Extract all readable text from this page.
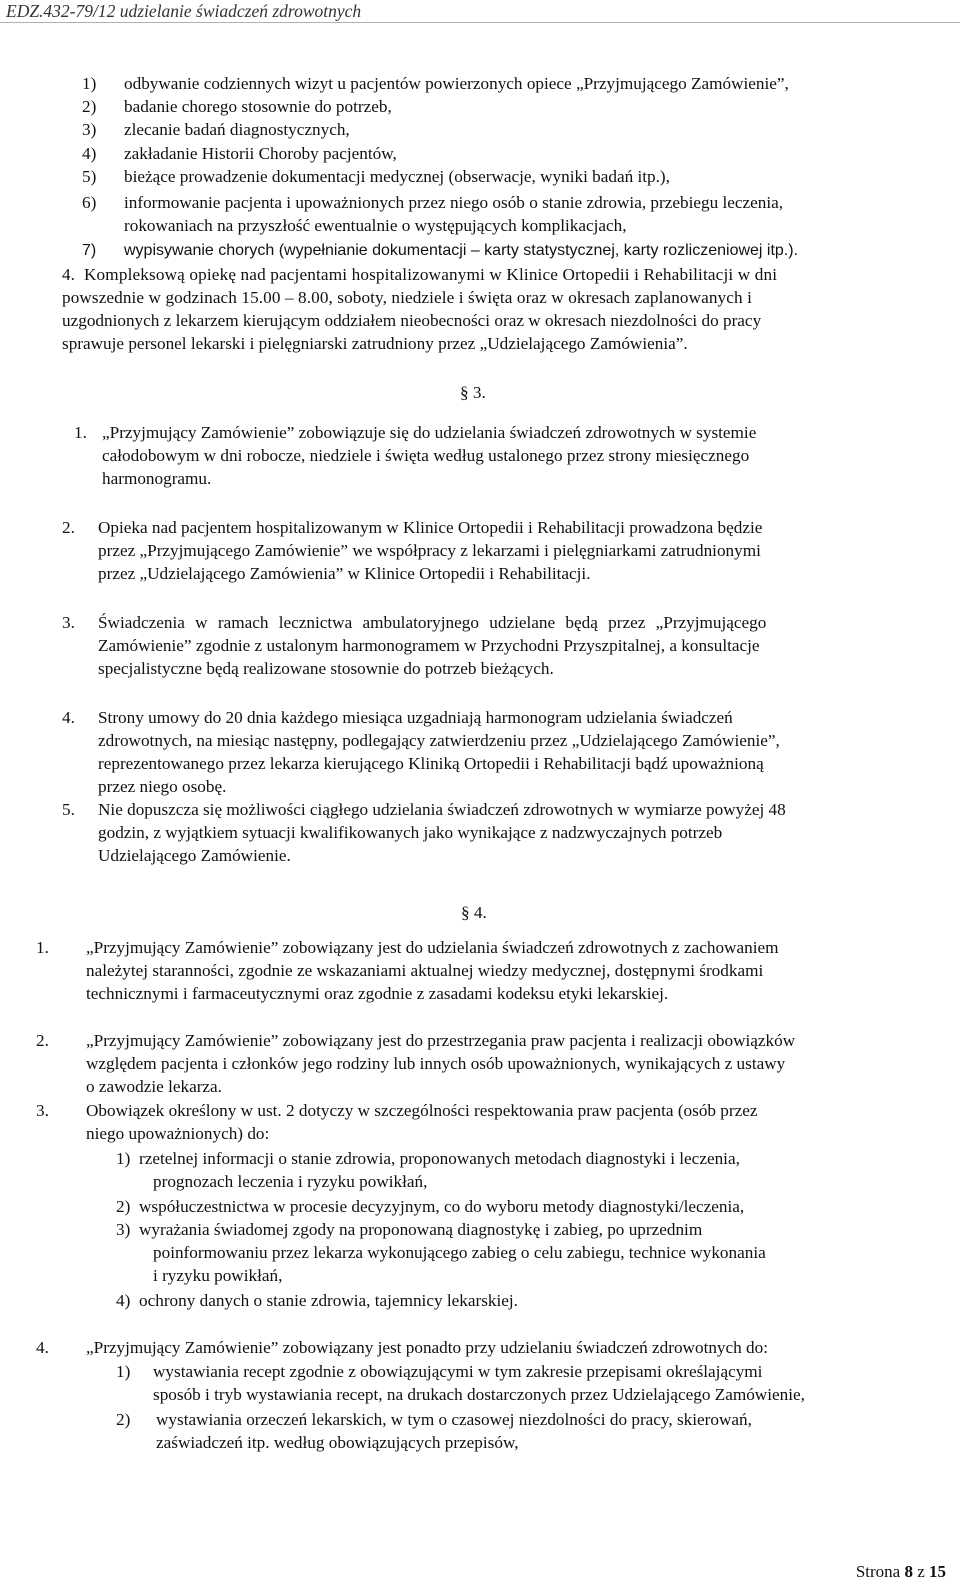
EDZ.432-79/12 udzielanie świadczeń zdrowotnych
1) odbywanie codziennych wizyt u pacjentów powierzonych opiece „Przyjmującego Zamówienie”,
2) badanie chorego stosownie do potrzeb,
3) zlecanie badań diagnostycznych,
4) zakładanie Historii Choroby pacjentów,
5) bieżące prowadzenie dokumentacji medycznej (obserwacje, wyniki badań itp.),
6) informowanie pacjenta i upoważnionych przez niego osób o stanie zdrowia, przebiegu leczenia,
rokowaniach na przyszłość ewentualnie o występujących komplikacjach,
7) wypisywanie chorych (wypełnianie dokumentacji – karty statystycznej, karty rozliczeniowej itp.).
4. Kompleksową opiekę nad pacjentami hospitalizowanymi w Klinice Ortopedii i Rehabilitacji w dni
powszednie w godzinach 15.00 – 8.00, soboty, niedziele i święta oraz w okresach zaplanowanych i
uzgodnionych z lekarzem kierującym oddziałem nieobecności oraz w okresach niezdolności do pracy
sprawuje personel lekarski i pielęgniarski zatrudniony przez „Udzielającego Zamówienia”.
§ 3.
1. „Przyjmujący Zamówienie” zobowiązuje się do udzielania świadczeń zdrowotnych w systemie
całodobowym w dni robocze, niedziele i święta według ustalonego przez strony miesięcznego
harmonogramu.
2. Opieka nad pacjentem hospitalizowanym w Klinice Ortopedii i Rehabilitacji prowadzona będzie
przez „Przyjmującego Zamówienie” we współpracy z lekarzami i pielęgniarkami zatrudnionymi
przez „Udzielającego Zamówienia” w Klinice Ortopedii i Rehabilitacji.
3. Świadczenia w ramach lecznictwa ambulatoryjnego udzielane będą przez „Przyjmującego
Zamówienie” zgodnie z ustalonym harmonogramem w Przychodni Przyszpitalnej, a konsultacje
specjalistyczne będą realizowane stosownie do potrzeb bieżących.
4. Strony umowy do 20 dnia każdego miesiąca uzgadniają harmonogram udzielania świadczeń
zdrowotnych, na miesiąc następny, podlegający zatwierdzeniu przez „Udzielającego Zamówienie”,
reprezentowanego przez lekarza kierującego Kliniką Ortopedii i Rehabilitacji bądź upoważnioną
przez niego osobę.
5. Nie dopuszcza się możliwości ciągłego udzielania świadczeń zdrowotnych w wymiarze powyżej 48
godzin, z wyjątkiem sytuacji kwalifikowanych jako wynikające z nadzwyczajnych potrzeb
Udzielającego Zamówienie.
§ 4.
1. „Przyjmujący Zamówienie” zobowiązany jest do udzielania świadczeń zdrowotnych z zachowaniem
należytej staranności, zgodnie ze wskazaniami aktualnej wiedzy medycznej, dostępnymi środkami
technicznymi i farmaceutycznymi oraz zgodnie z zasadami kodeksu etyki lekarskiej.
2. „Przyjmujący Zamówienie” zobowiązany jest do przestrzegania praw pacjenta i realizacji obowiązków
względem pacjenta i członków jego rodziny lub innych osób upoważnionych, wynikających z ustawy
o zawodzie lekarza.
3. Obowiązek określony w ust. 2 dotyczy w szczególności respektowania praw pacjenta (osób przez
niego upoważnionych) do:
1) rzetelnej informacji o stanie zdrowia, proponowanych metodach diagnostyki i leczenia,
prognozach leczenia i ryzyku powikłań,
2) współuczestnictwa w procesie decyzyjnym, co do wyboru metody diagnostyki/leczenia,
3) wyrażania świadomej zgody na proponowaną diagnostykę i zabieg, po uprzednim
poinformowaniu przez lekarza wykonującego zabieg o celu zabiegu, technice wykonania
i ryzyku powikłań,
4) ochrony danych o stanie zdrowia, tajemnicy lekarskiej.
4. „Przyjmujący Zamówienie” zobowiązany jest ponadto przy udzielaniu świadczeń zdrowotnych do:
1) wystawiania recept zgodnie z obowiązującymi w tym zakresie przepisami określającymi
sposób i tryb wystawiania recept, na drukach dostarczonych przez Udzielającego Zamówienie,
2) wystawiania orzeczeń lekarskich, w tym o czasowej niezdolności do pracy, skierowań,
zaświadczeń itp. według obowiązujących przepisów,
Strona 8 z 15
